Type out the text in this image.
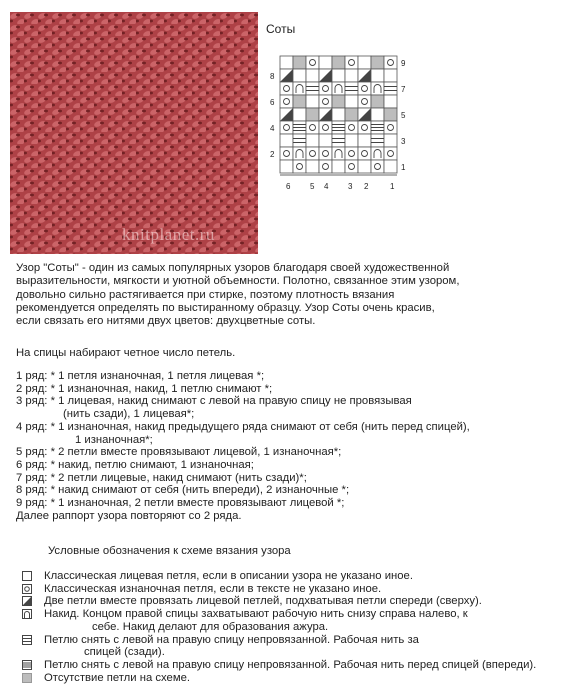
knitplanet.ru
Соты
9
7
5
3
1
8
6
4
2
6 5 4 3 2	1

Узор "Соты" - один из самых популярных узоров благодаря своей художественной

выразительности, мягкости и уютной объемности. Полотно, связанное этим узором,

довольно сильно растягивается при стирке, поэтому плотность вязания

рекомендуется определять по выстиранному образцу. Узор Соты очень красив,

если связать его нитями двух цветов: двухцветные соты.

На спицы набирают четное число петель.
1 ряд: * 1 петля изнаночная, 1 петля лицевая *;
2 ряд: * 1 изнаночная, накид, 1 петлю снимают *;
3 ряд: * 1 лицевая, накид снимают с левой на правую спицу не провязывая
(нить сзади), 1 лицевая*;
4 ряд: * 1 изнаночная, накид предыдущего ряда снимают от себя (нить перед спицей),
1 изнаночная*;
5 ряд: * 2 петли вместе провязывают лицевой, 1 изнаночная*;
6 ряд: * накид, петлю снимают, 1 изнаночная;
7 ряд: * 2 петли лицевые, накид снимают (нить сзади)*;
8 ряд: * накид снимают от себя (нить впереди), 2 изнаночные *;
9 ряд: * 1 изнаночная, 2 петли вместе провязывают лицевой *;
Далее раппорт узора повторяют со 2 ряда.
Условные обозначения к схеме вязания узора
Классическая лицевая петля, если в описании узора не указано иное.
Классическая изнаночная петля, если в тексте не указано иное.
Две петли вместе провязать лицевой петлей, подхватывая петли спереди (сверху).
Накид. Концом правой спицы захватывают рабочую нить снизу справа налево, к
себе. Накид делают для образования ажура.
Петлю снять с левой на правую спицу непровязанной. Рабочая нить за
спицей (сзади).
Петлю снять с левой на правую спицу непровязанной. Рабочая нить перед спицей (впереди).
Отсутствие петли на схеме.
